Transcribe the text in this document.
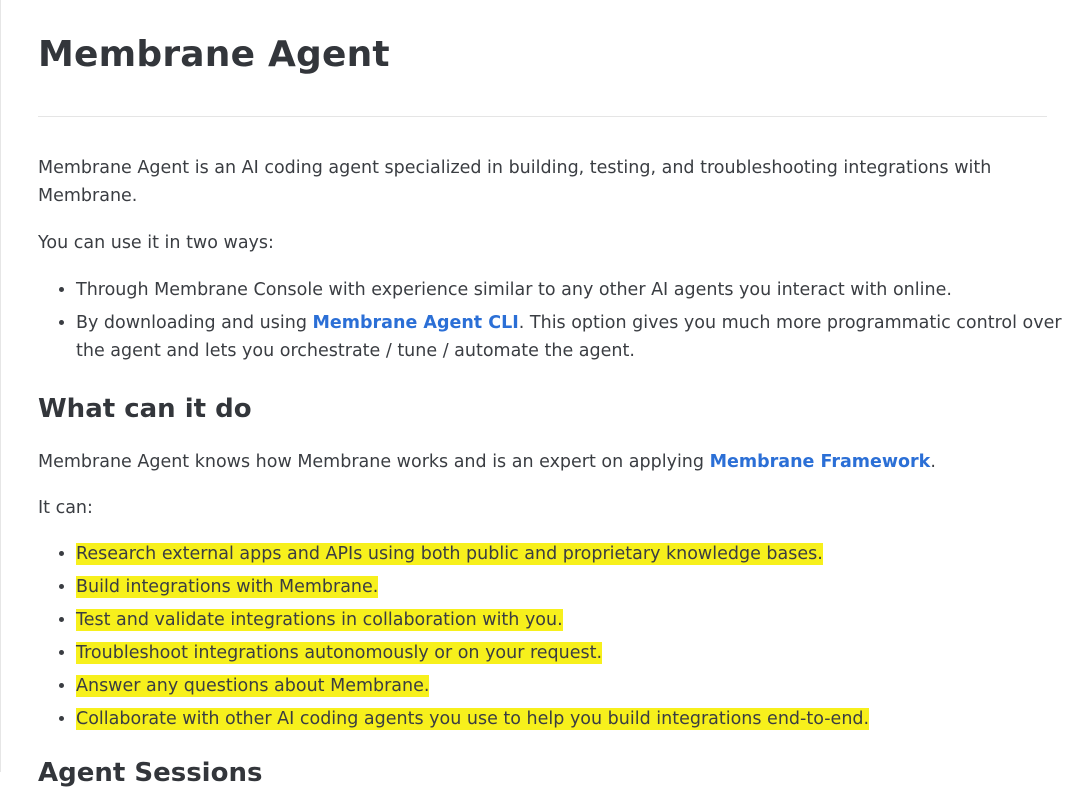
Membrane Agent

Membrane Agent is an AI coding agent specialized in building, testing, and troubleshooting integrations with Membrane.

You can use it in two ways:

• Through Membrane Console with experience similar to any other AI agents you interact with online.
• By downloading and using Membrane Agent CLI. This option gives you much more programmatic control over the agent and lets you orchestrate / tune / automate the agent.
What can it do

Membrane Agent knows how Membrane works and is an expert on applying Membrane Framework.

It can:

• Research external apps and APIs using both public and proprietary knowledge bases.
• Build integrations with Membrane.
• Test and validate integrations in collaboration with you.
• Troubleshoot integrations autonomously or on your request.
• Answer any questions about Membrane.
• Collaborate with other AI coding agents you use to help you build integrations end-to-end.
Agent Sessions
